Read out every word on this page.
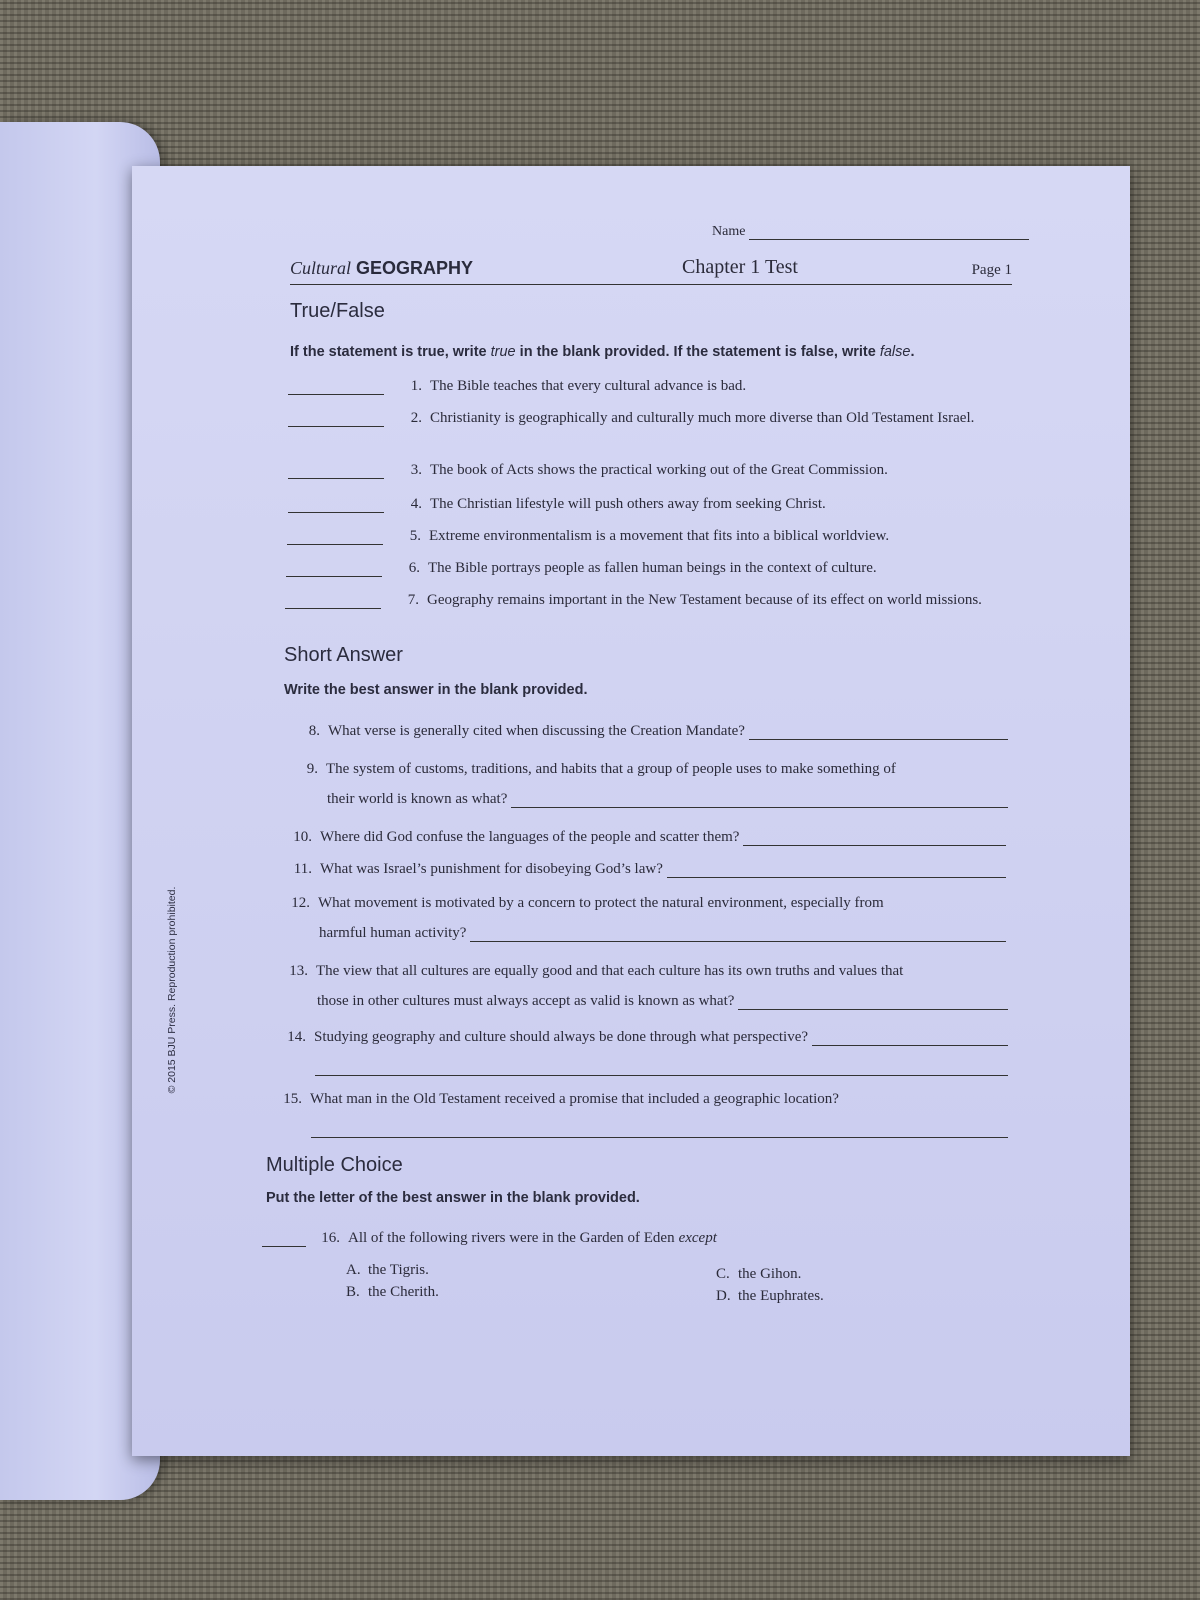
© 2015 BJU Press. Reproduction prohibited.
Name
Cultural GEOGRAPHY	Chapter 1 Test	Page 1
True/False
If the statement is true, write true in the blank provided. If the statement is false, write false.
1. The Bible teaches that every cultural advance is bad.
2. Christianity is geographically and culturally much more diverse than Old Testament Israel.
3. The book of Acts shows the practical working out of the Great Commission.
4. The Christian lifestyle will push others away from seeking Christ.
5. Extreme environmentalism is a movement that fits into a biblical worldview.
6. The Bible portrays people as fallen human beings in the context of culture.
7. Geography remains important in the New Testament because of its effect on world missions.
Short Answer
Write the best answer in the blank provided.
8. What verse is generally cited when discussing the Creation Mandate?
9. The system of customs, traditions, and habits that a group of people uses to make something of
their world is known as what?
10. Where did God confuse the languages of the people and scatter them?
11. What was Israel’s punishment for disobeying God’s law?
12. What movement is motivated by a concern to protect the natural environment, especially from
harmful human activity?
13. The view that all cultures are equally good and that each culture has its own truths and values that
those in other cultures must always accept as valid is known as what?
14. Studying geography and culture should always be done through what perspective?
15. What man in the Old Testament received a promise that included a geographic location?
Multiple Choice
Put the letter of the best answer in the blank provided.
16. All of the following rivers were in the Garden of Eden except
A. the Tigris.
B. the Cherith.
C. the Gihon.
D. the Euphrates.
